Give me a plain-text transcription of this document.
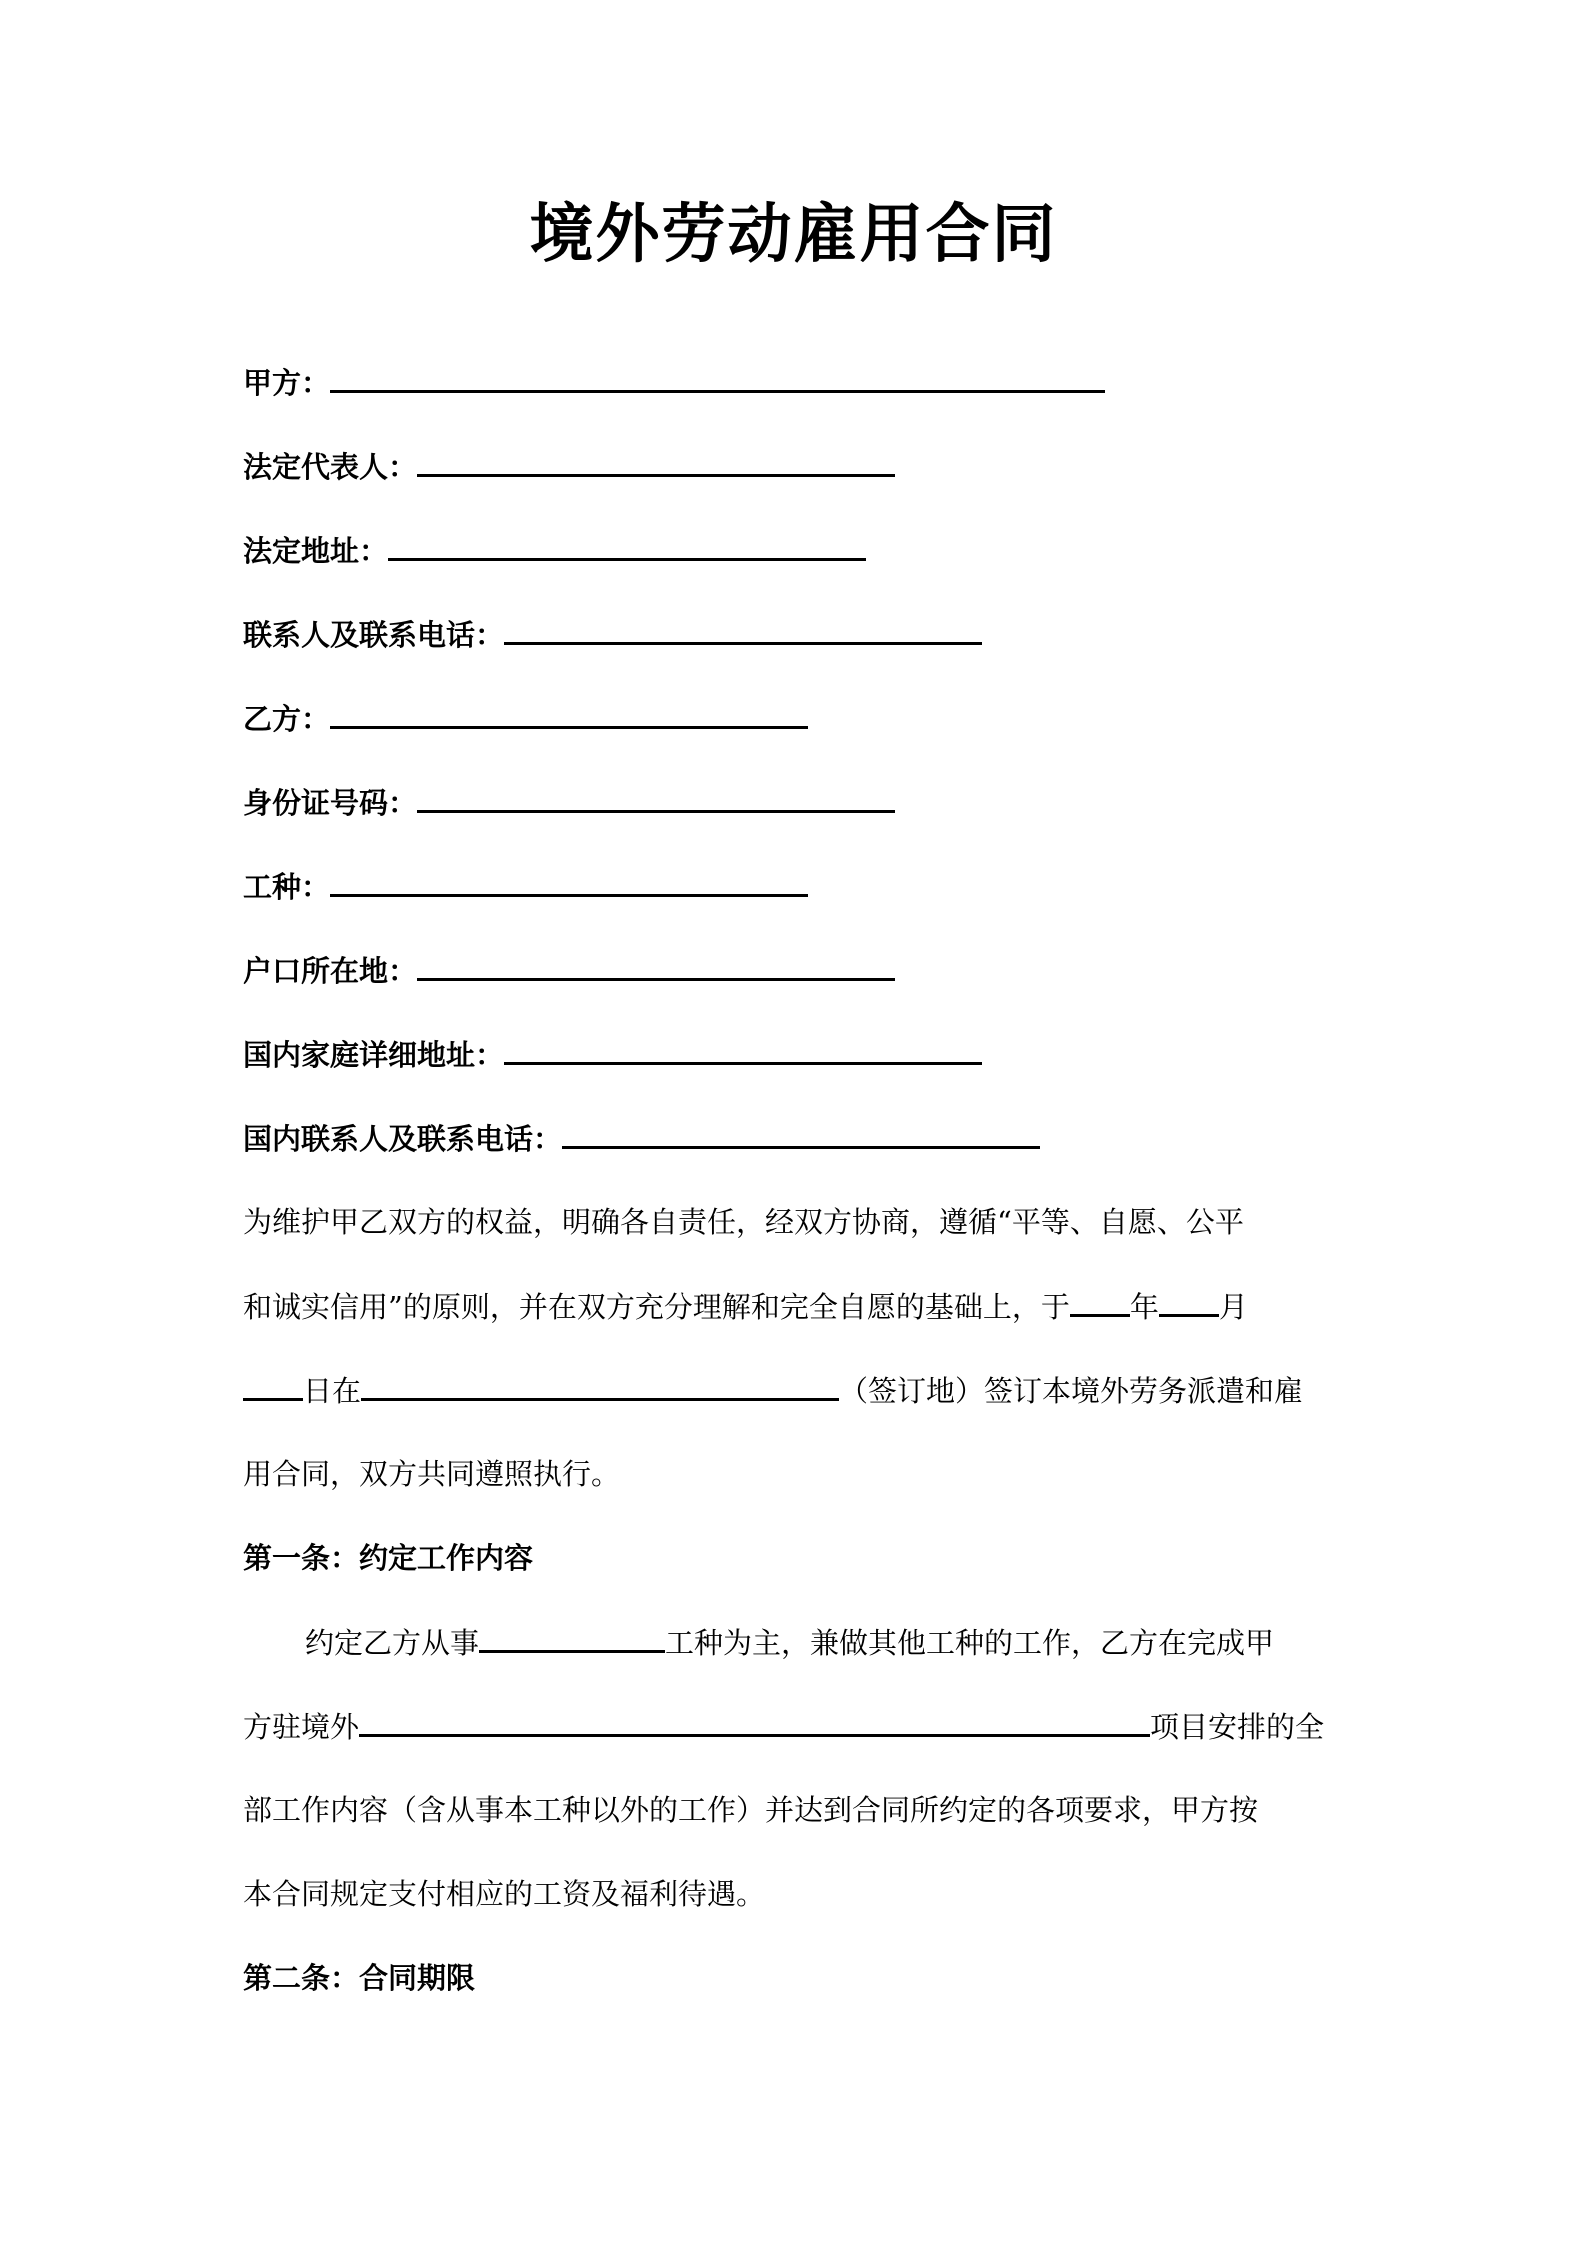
境外劳动雇用合同
甲方：
法定代表人：
法定地址：
联系人及联系电话：
乙方：
身份证号码：
工种：
户口所在地：
国内家庭详细地址：
国内联系人及联系电话：
为维护甲乙双方的权益，明确各自责任，经双方协商，遵循“平等、自愿、公平
和诚实信用”的原则，并在双方充分理解和完全自愿的基础上，于 年 月
日在	（签订地）签订本境外劳务派遣和雇
用合同，双方共同遵照执行。
第一条：约定工作内容
约定乙方从事	工种为主，兼做其他工种的工作，乙方在完成甲
方驻境外	项目安排的全
部工作内容（含从事本工种以外的工作）并达到合同所约定的各项要求，甲方按
本合同规定支付相应的工资及福利待遇。
第二条：合同期限
